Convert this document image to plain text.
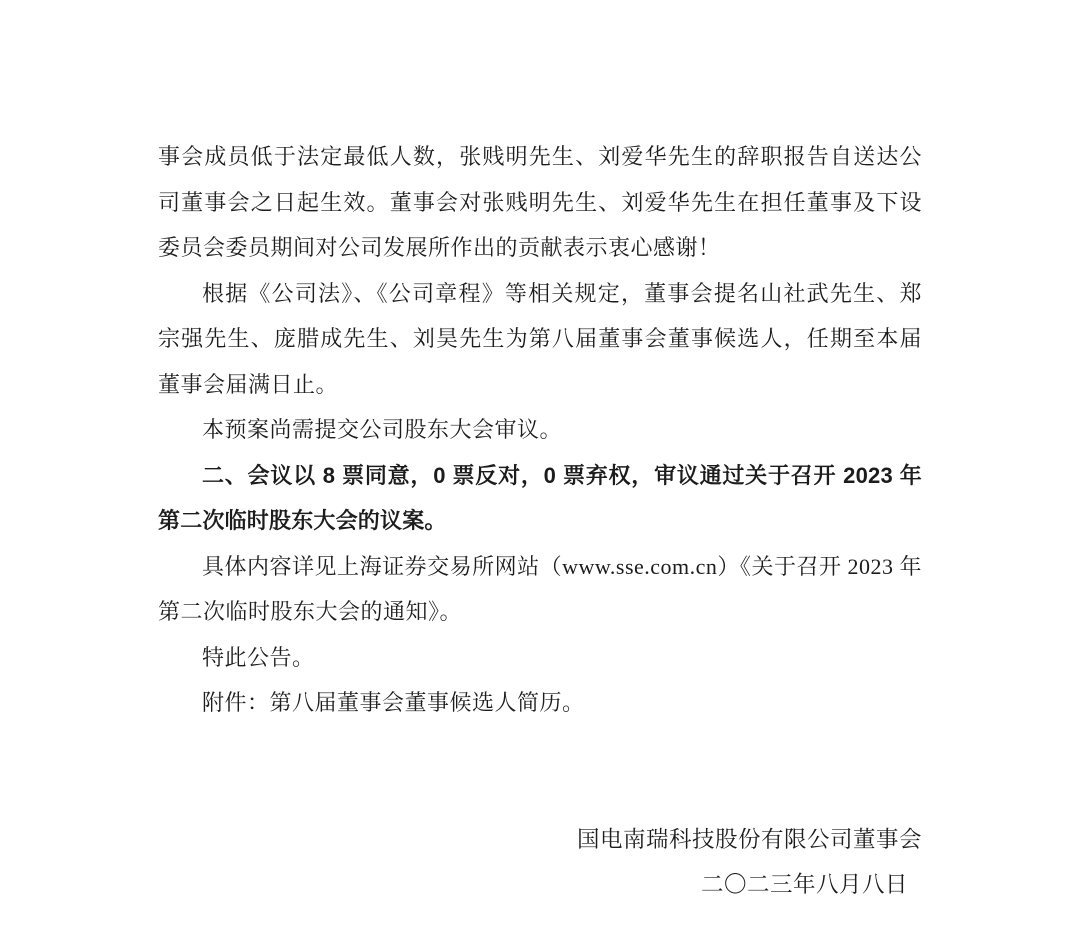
事会成员低于法定最低人数，张贱明先生、刘爱华先生的辞职报告自送达公司董事会之日起生效。董事会对张贱明先生、刘爱华先生在担任董事及下设委员会委员期间对公司发展所作出的贡献表示衷心感谢！

根据《公司法》、《公司章程》等相关规定，董事会提名山社武先生、郑宗强先生、庞腊成先生、刘昊先生为第八届董事会董事候选人，任期至本届董事会届满日止。

本预案尚需提交公司股东大会审议。

二、会议以 8 票同意，0 票反对，0 票弃权，审议通过关于召开 2023 年第二次临时股东大会的议案。

具体内容详见上海证券交易所网站（www.sse.com.cn）《关于召开 2023 年第二次临时股东大会的通知》。

特此公告。

附件：第八届董事会董事候选人简历。

国电南瑞科技股份有限公司董事会

二〇二三年八月八日
